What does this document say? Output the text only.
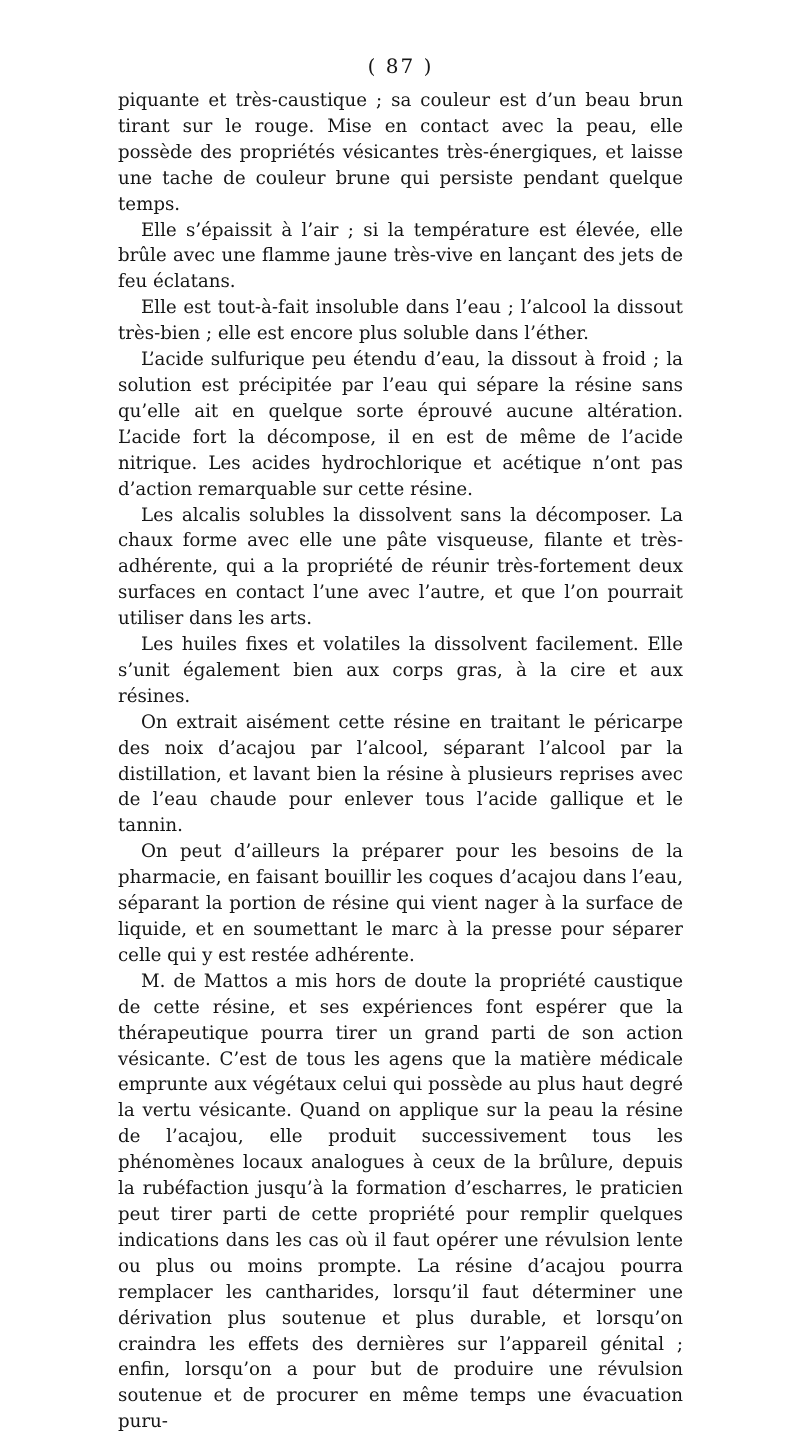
( 87 )

piquante et très-caustique ; sa couleur est d’un beau brun tirant sur le rouge. Mise en contact avec la peau, elle possède des propriétés vésicantes très-énergiques, et laisse une tache de couleur brune qui persiste pendant quelque temps.

Elle s’épaissit à l’air ; si la température est élevée, elle brûle avec une flamme jaune très-vive en lançant des jets de feu éclatans.

Elle est tout-à-fait insoluble dans l’eau ; l’alcool la dissout très-bien ; elle est encore plus soluble dans l’éther.

L’acide sulfurique peu étendu d’eau, la dissout à froid ; la solution est précipitée par l’eau qui sépare la résine sans qu’elle ait en quelque sorte éprouvé aucune altération. L’acide fort la décompose, il en est de même de l’acide nitrique. Les acides hydrochlorique et acétique n’ont pas d’action remarquable sur cette résine.

Les alcalis solubles la dissolvent sans la décomposer. La chaux forme avec elle une pâte visqueuse, filante et très-adhérente, qui a la propriété de réunir très-fortement deux surfaces en contact l’une avec l’autre, et que l’on pourrait utiliser dans les arts.

Les huiles fixes et volatiles la dissolvent facilement. Elle s’unit également bien aux corps gras, à la cire et aux résines.

On extrait aisément cette résine en traitant le péricarpe des noix d’acajou par l’alcool, séparant l’alcool par la distillation, et lavant bien la résine à plusieurs reprises avec de l’eau chaude pour enlever tous l’acide gallique et le tannin.

On peut d’ailleurs la préparer pour les besoins de la pharmacie, en faisant bouillir les coques d’acajou dans l’eau, séparant la portion de résine qui vient nager à la surface de liquide, et en soumettant le marc à la presse pour séparer celle qui y est restée adhérente.

M. de Mattos a mis hors de doute la propriété caustique de cette résine, et ses expériences font espérer que la thérapeutique pourra tirer un grand parti de son action vésicante. C’est de tous les agens que la matière médicale emprunte aux végétaux celui qui possède au plus haut degré la vertu vésicante. Quand on applique sur la peau la résine de l’acajou, elle produit successivement tous les phénomènes locaux analogues à ceux de la brûlure, depuis la rubéfaction jusqu’à la formation d’escharres, le praticien peut tirer parti de cette propriété pour remplir quelques indications dans les cas où il faut opérer une révulsion lente ou plus ou moins prompte. La résine d’acajou pourra remplacer les cantharides, lorsqu’il faut déterminer une dérivation plus soutenue et plus durable, et lorsqu’on craindra les effets des dernières sur l’appareil génital ; enfin, lorsqu’on a pour but de produire une révulsion soutenue et de procurer en même temps une évacuation puru-
